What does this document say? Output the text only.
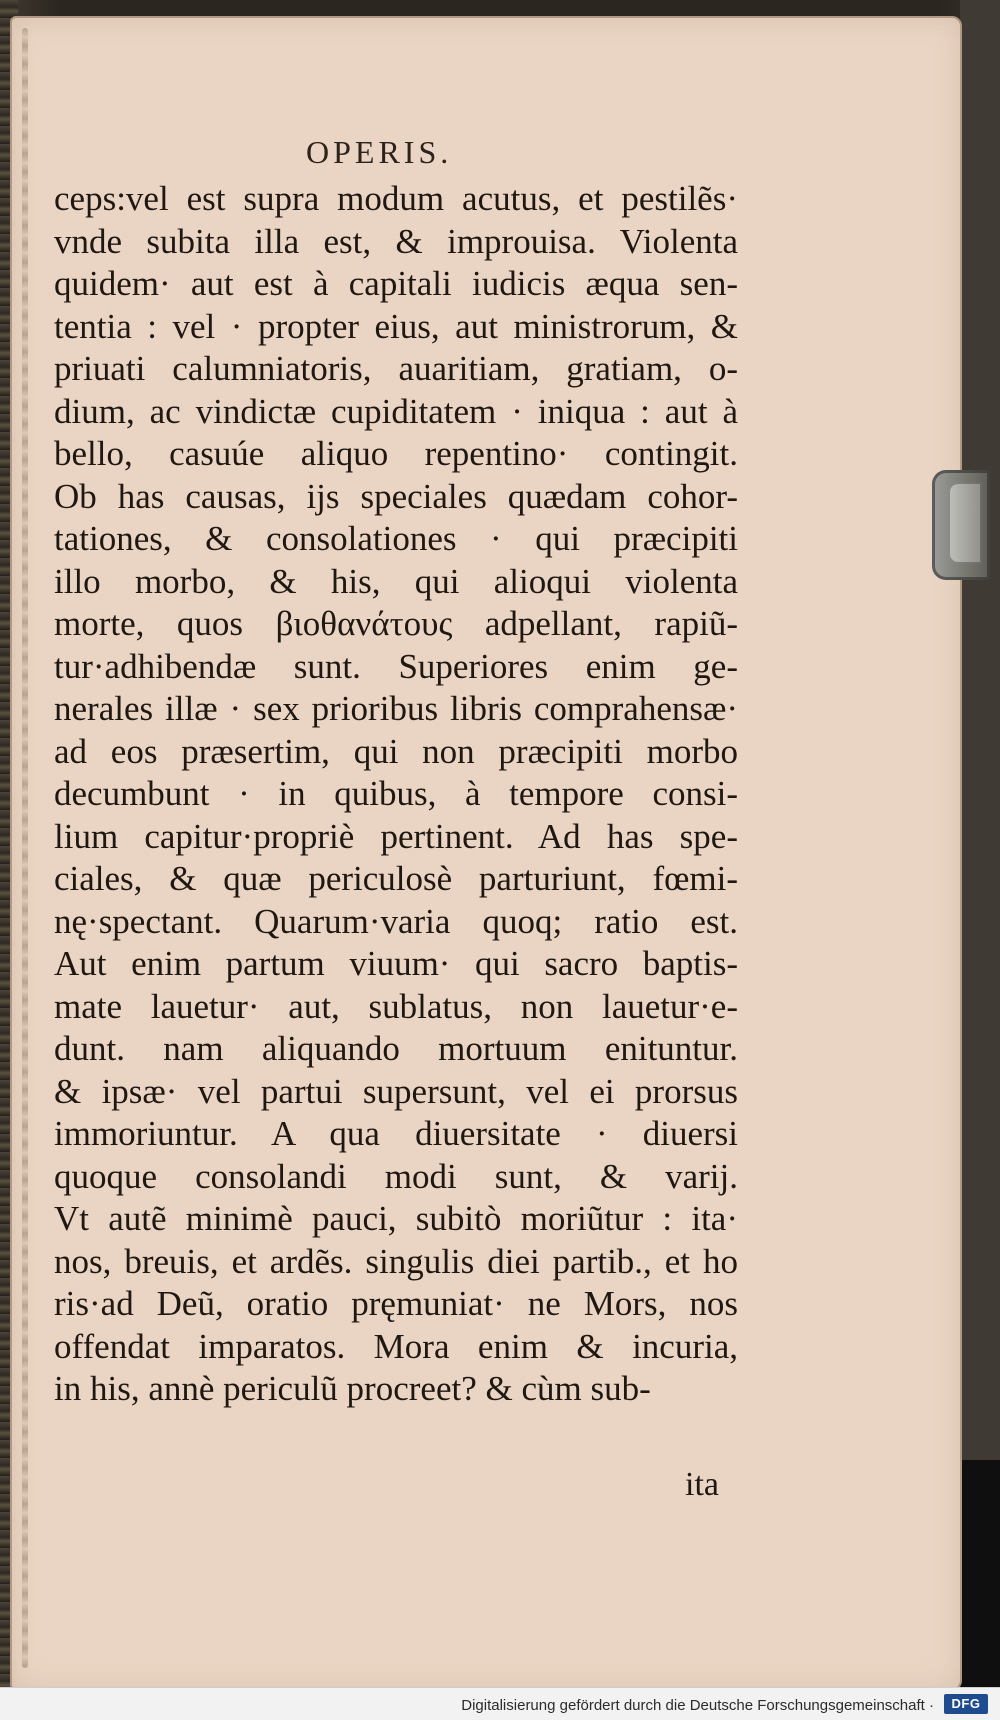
OPERIS.
ceps:vel est supra modum acutus, et pestilẽs·
vnde subita illa est, & improuisa. Violenta
quidem· aut est à capitali iudicis æqua sen-
tentia : vel · propter eius, aut ministrorum, &
priuati calumniatoris, auaritiam, gratiam, o-
dium, ac vindictæ cupiditatem · iniqua : aut à
bello, casuúe aliquo repentino· contingit.
Ob has causas, ijs speciales quædam cohor-
tationes, & consolationes · qui præcipiti
illo morbo, & his, qui alioqui violenta
morte, quos βιοθανάτους adpellant, rapiũ-
tur·adhibendæ sunt. Superiores enim ge-
nerales illæ · sex prioribus libris comprahensæ·
ad eos præsertim, qui non præcipiti morbo
decumbunt · in quibus, à tempore consi-
lium capitur·propriè pertinent. Ad has spe-
ciales, & quæ periculosè parturiunt, fœmi-
nę·spectant. Quarum·varia quoq; ratio est.
Aut enim partum viuum· qui sacro baptis-
mate lauetur· aut, sublatus, non lauetur·e-
dunt. nam aliquando mortuum enituntur.
& ipsæ· vel partui supersunt, vel ei prorsus
immoriuntur. A qua diuersitate · diuersi
quoque consolandi modi sunt, & varij.
Vt autẽ minimè pauci, subitò moriũtur : ita·
nos, breuis, et ardẽs. singulis diei partib., et ho
ris·ad Deũ, oratio pręmuniat· ne Mors, nos
offendat imparatos. Mora enim & incuria,
in his, annè periculũ procreet? & cùm sub-
ita
Digitalisierung gefördert durch die Deutsche Forschungsgemeinschaft ·	DFG
